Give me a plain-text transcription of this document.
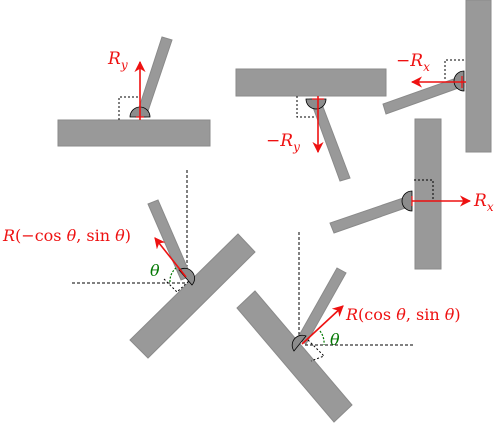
$R_y$
$-R_y$
$-R_x$
$R_x$
R(−cos θ, sin θ)
θ
R(cos θ, sin θ)
θ
